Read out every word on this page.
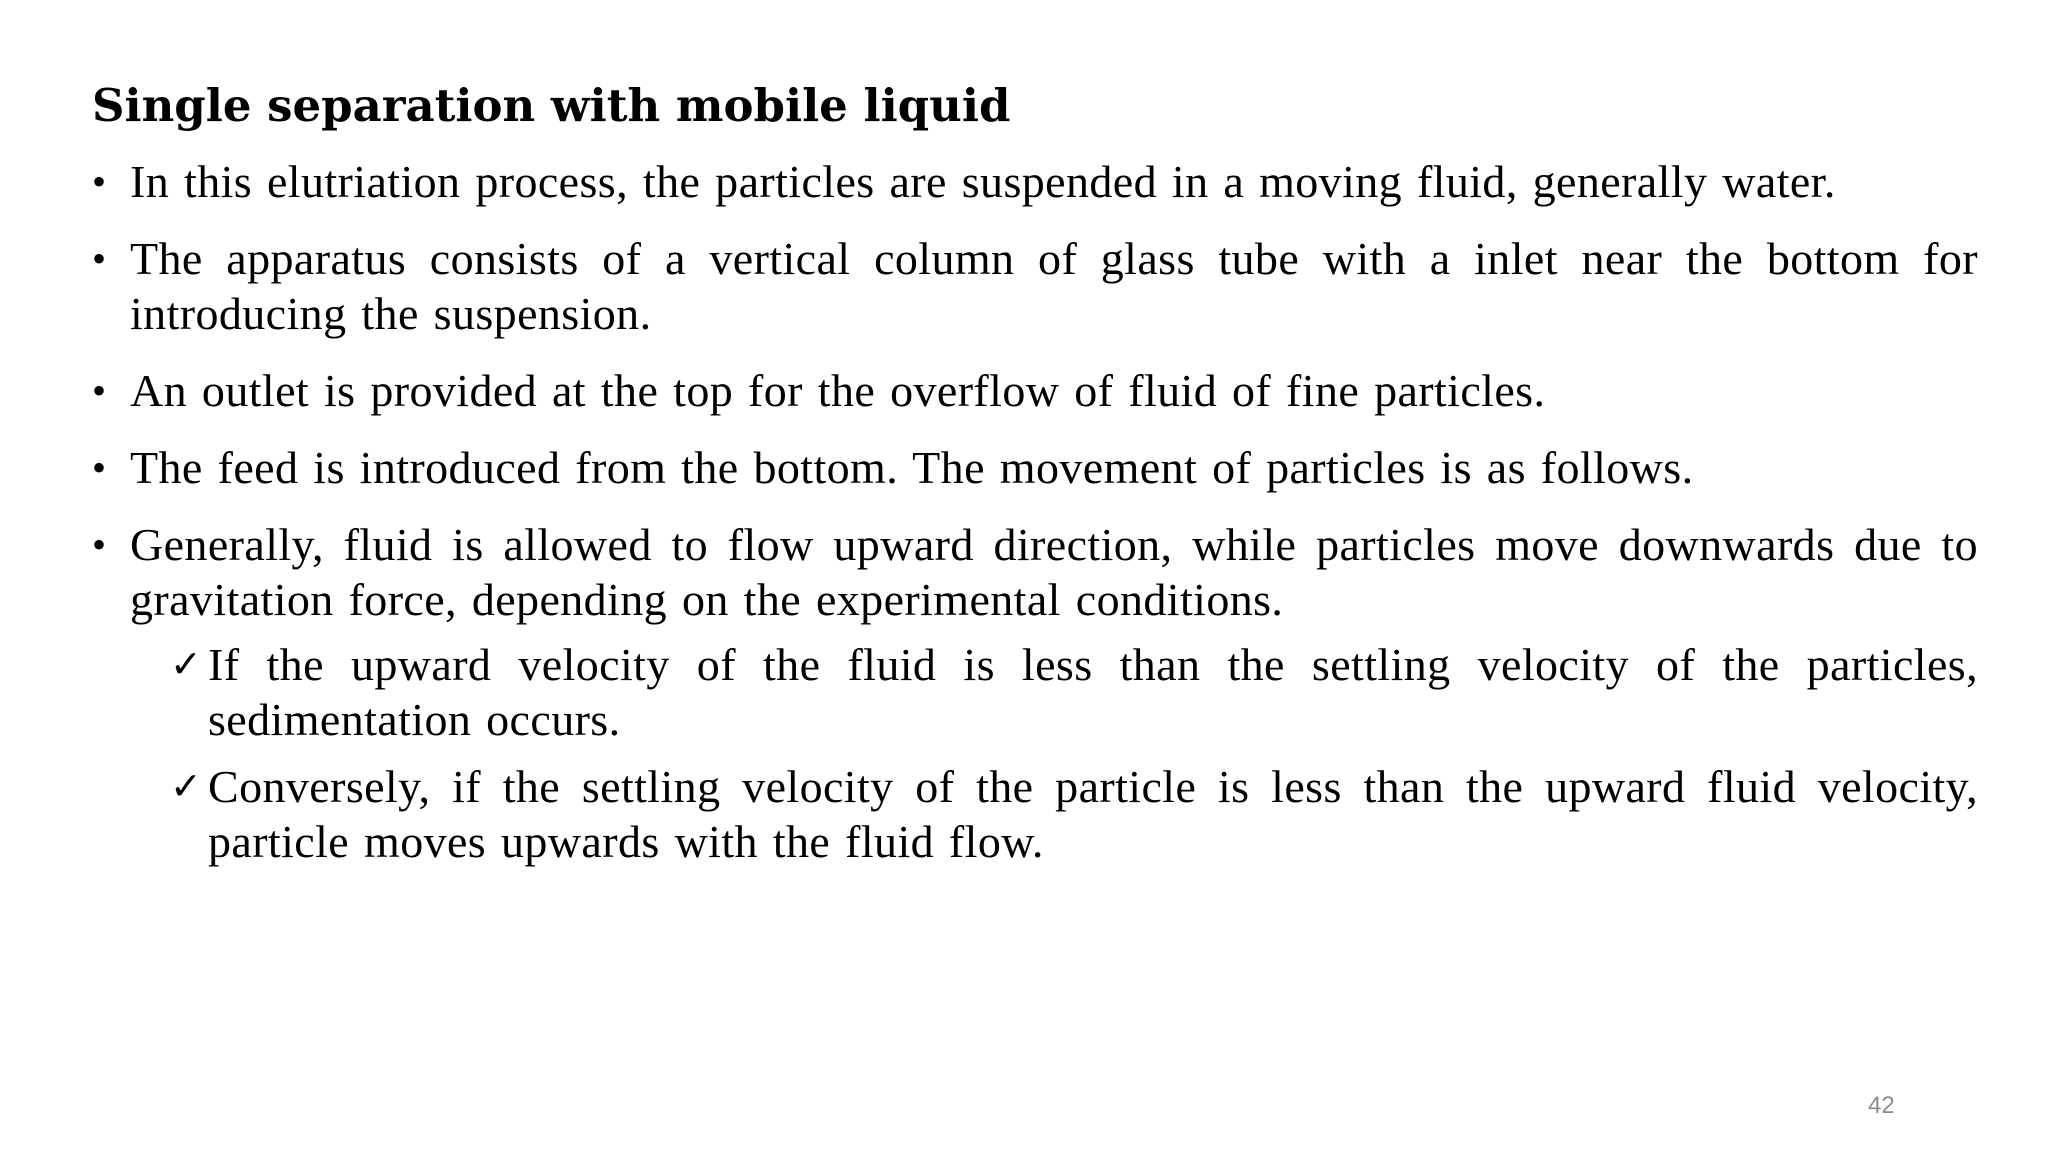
Single separation with mobile liquid
• In this elutriation process, the particles are suspended in a moving fluid, generally water.
• The apparatus consists of a vertical column of glass tube with a inlet near the bottom for introducing the suspension.
• An outlet is provided at the top for the overflow of fluid of fine particles.
• The feed is introduced from the bottom. The movement of particles is as follows.
• Generally, fluid is allowed to flow upward direction, while particles move downwards due to gravitation force, depending on the experimental conditions.
✓ If the upward velocity of the fluid is less than the settling velocity of the particles, sedimentation occurs.
✓ Conversely, if the settling velocity of the particle is less than the upward fluid velocity, particle moves upwards with the fluid flow.
42
